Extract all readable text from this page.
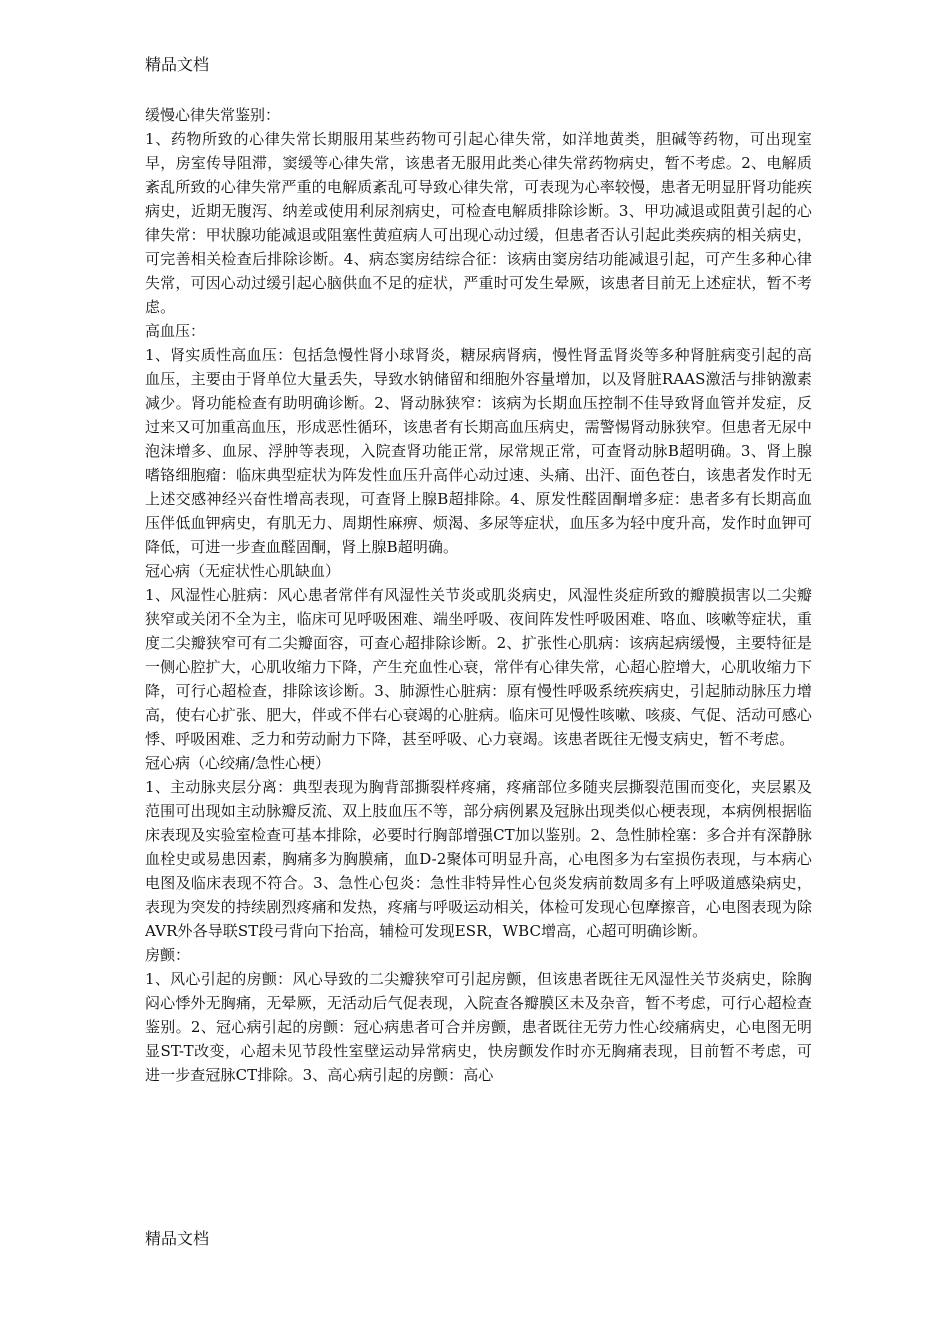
精品文档
缓慢心律失常鉴别：

1、药物所致的心律失常长期服用某些药物可引起心律失常，如洋地黄类，胆碱等药物，可出现室早，房室传导阻滞，窦缓等心律失常，该患者无服用此类心律失常药物病史，暂不考虑。2、电解质紊乱所致的心律失常严重的电解质紊乱可导致心律失常，可表现为心率较慢，患者无明显肝肾功能疾病史，近期无腹泻、纳差或使用利尿剂病史，可检查电解质排除诊断。3、甲功减退或阻黄引起的心律失常：甲状腺功能减退或阻塞性黄疸病人可出现心动过缓，但患者否认引起此类疾病的相关病史，可完善相关检查后排除诊断。4、病态窦房结综合征：该病由窦房结功能减退引起，可产生多种心律失常，可因心动过缓引起心脑供血不足的症状，严重时可发生晕厥，该患者目前无上述症状，暂不考虑。

高血压：

1、肾实质性高血压：包括急慢性肾小球肾炎，糖尿病肾病，慢性肾盂肾炎等多种肾脏病变引起的高血压，主要由于肾单位大量丢失，导致水钠储留和细胞外容量增加，以及肾脏RAAS激活与排钠激素减少。肾功能检查有助明确诊断。2、肾动脉狭窄：该病为长期血压控制不佳导致肾血管并发症，反过来又可加重高血压，形成恶性循环，该患者有长期高血压病史，需警惕肾动脉狭窄。但患者无尿中泡沫增多、血尿、浮肿等表现，入院查肾功能正常，尿常规正常，可查肾动脉B超明确。3、肾上腺嗜铬细胞瘤：临床典型症状为阵发性血压升高伴心动过速、头痛、出汗、面色苍白，该患者发作时无上述交感神经兴奋性增高表现，可查肾上腺B超排除。4、原发性醛固酮增多症：患者多有长期高血压伴低血钾病史，有肌无力、周期性麻痹、烦渴、多尿等症状，血压多为轻中度升高，发作时血钾可降低，可进一步查血醛固酮，肾上腺B超明确。

冠心病（无症状性心肌缺血）

1、风湿性心脏病：风心患者常伴有风湿性关节炎或肌炎病史，风湿性炎症所致的瓣膜损害以二尖瓣狭窄或关闭不全为主，临床可见呼吸困难、端坐呼吸、夜间阵发性呼吸困难、咯血、咳嗽等症状，重度二尖瓣狭窄可有二尖瓣面容，可查心超排除诊断。2、扩张性心肌病：该病起病缓慢，主要特征是一侧心腔扩大，心肌收缩力下降，产生充血性心衰，常伴有心律失常，心超心腔增大，心肌收缩力下降，可行心超检查，排除该诊断。3、肺源性心脏病：原有慢性呼吸系统疾病史，引起肺动脉压力增高，使右心扩张、肥大，伴或不伴右心衰竭的心脏病。临床可见慢性咳嗽、咳痰、气促、活动可感心悸、呼吸困难、乏力和劳动耐力下降，甚至呼吸、心力衰竭。该患者既往无慢支病史，暂不考虑。

冠心病（心绞痛/急性心梗）

1、主动脉夹层分离：典型表现为胸背部撕裂样疼痛，疼痛部位多随夹层撕裂范围而变化，夹层累及范围可出现如主动脉瓣反流、双上肢血压不等，部分病例累及冠脉出现类似心梗表现，本病例根据临床表现及实验室检查可基本排除，必要时行胸部增强CT加以鉴别。2、急性肺栓塞：多合并有深静脉血栓史或易患因素，胸痛多为胸膜痛，血D-2聚体可明显升高，心电图多为右室损伤表现，与本病心电图及临床表现不符合。3、急性心包炎：急性非特异性心包炎发病前数周多有上呼吸道感染病史，表现为突发的持续剧烈疼痛和发热，疼痛与呼吸运动相关，体检可发现心包摩擦音，心电图表现为除AVR外各导联ST段弓背向下抬高，辅检可发现ESR，WBC增高，心超可明确诊断。

房颤：

1、风心引起的房颤：风心导致的二尖瓣狭窄可引起房颤，但该患者既往无风湿性关节炎病史，除胸闷心悸外无胸痛，无晕厥，无活动后气促表现，入院查各瓣膜区未及杂音，暂不考虑，可行心超检查鉴别。2、冠心病引起的房颤：冠心病患者可合并房颤，患者既往无劳力性心绞痛病史，心电图无明显ST-T改变，心超未见节段性室壁运动异常病史，快房颤发作时亦无胸痛表现，目前暂不考虑，可进一步查冠脉CT排除。3、高心病引起的房颤：高心

精品文档
